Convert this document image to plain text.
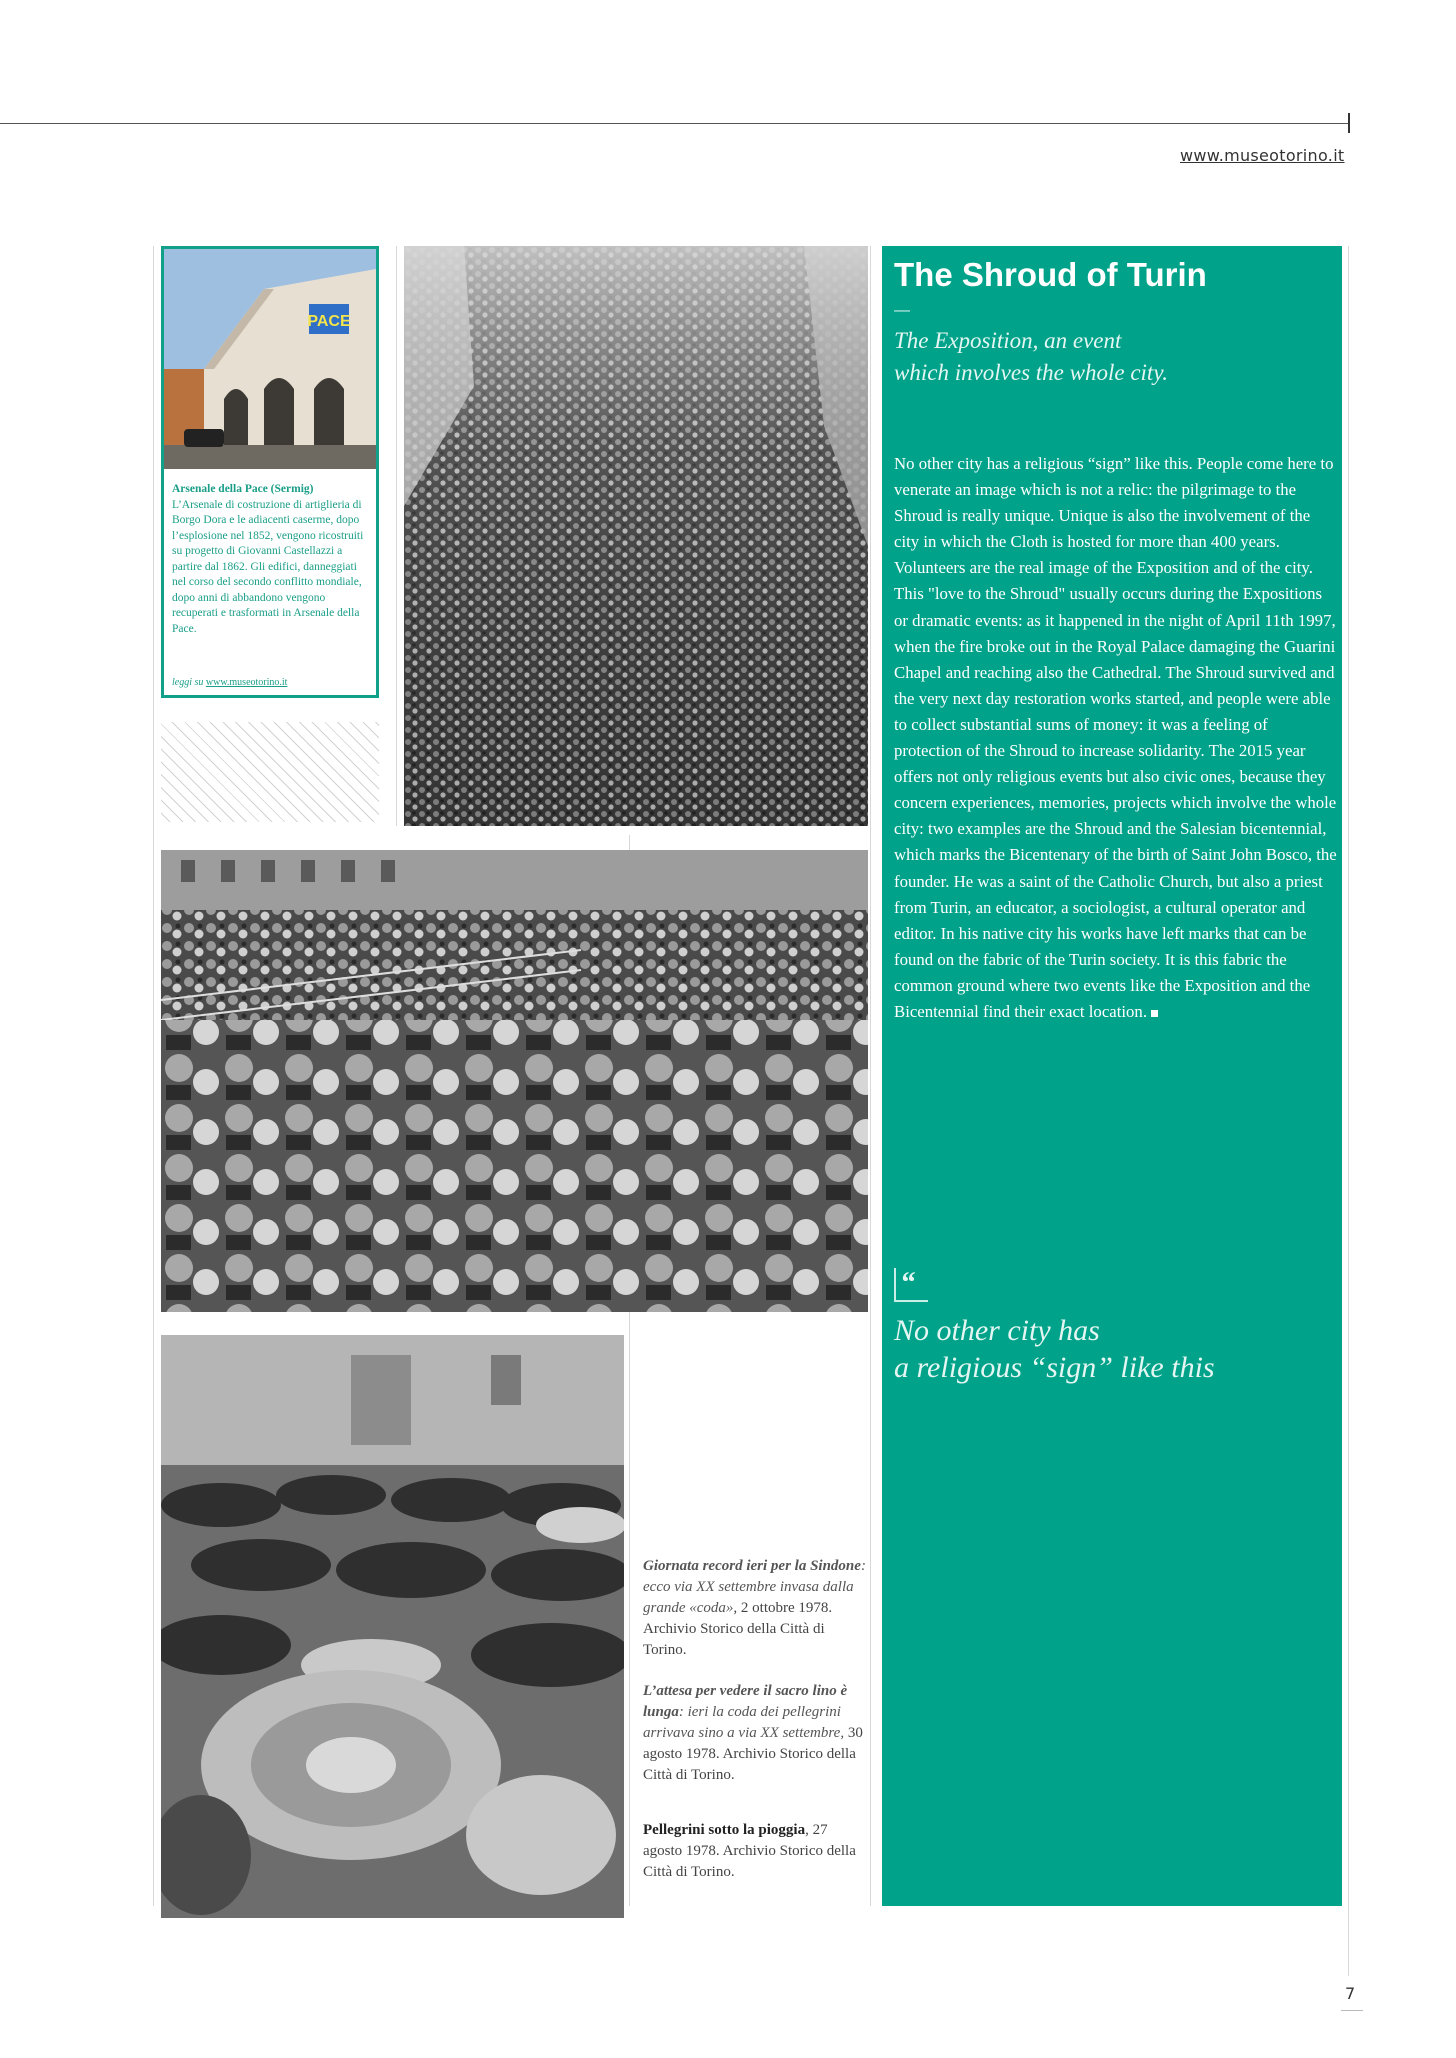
www.museotorino.it
PACE
Arsenale della Pace (Sermig)
L’Arsenale di costruzione di artiglieria di Borgo Dora e le adiacenti caserme, dopo l’esplosione nel 1852, vengono ricostruiti su progetto di Giovanni Castellazzi a partire dal 1862. Gli edifici, danneggiati nel corso del secondo conflitto mondiale, dopo anni di abbandono vengono recuperati e trasformati in Arsenale della Pace.
leggi su www.museotorino.it
The Shroud of Turin
—
The Exposition, an event
which involves the whole city.
No other city has a religious “sign” like this. People come here to venerate an image which is not a relic: the pilgrimage to the Shroud is really unique. Unique is also the involvement of the city in which the Cloth is hosted for more than 400 years. Volunteers are the real image of the Exposition and of the city. This "love to the Shroud" usually occurs during the Expositions or dramatic events: as it happened in the night of April 11th 1997, when the fire broke out in the Royal Palace damaging the Guarini Chapel and reaching also the Cathedral. The Shroud survived and the very next day restoration works started, and people were able to collect substantial sums of money: it was a feeling of protection of the Shroud to increase solidarity. The 2015 year offers not only religious events but also civic ones, because they concern experiences, memories, projects which involve the whole city: two examples are the Shroud and the Salesian bicentennial, which marks the Bicentenary of the birth of Saint John Bosco, the founder. He was a saint of the Catholic Church, but also a priest from Turin, an educator, a sociologist, a cultural operator and editor. In his native city his works have left marks that can be found on the fabric of the Turin society. It is this fabric the common ground where two events like the Exposition and the Bicentennial find their exact location.
“
No other city has
a religious “sign” like this

Giornata record ieri per la Sindone: ecco via XX settembre invasa dalla grande «coda», 2 ottobre 1978. Archivio Storico della Città di Torino.

L’attesa per vedere il sacro lino è lunga: ieri la coda dei pellegrini arrivava sino a via XX settembre, 30 agosto 1978. Archivio Storico della Città di Torino.

Pellegrini sotto la pioggia, 27 agosto 1978. Archivio Storico della Città di Torino.

7
